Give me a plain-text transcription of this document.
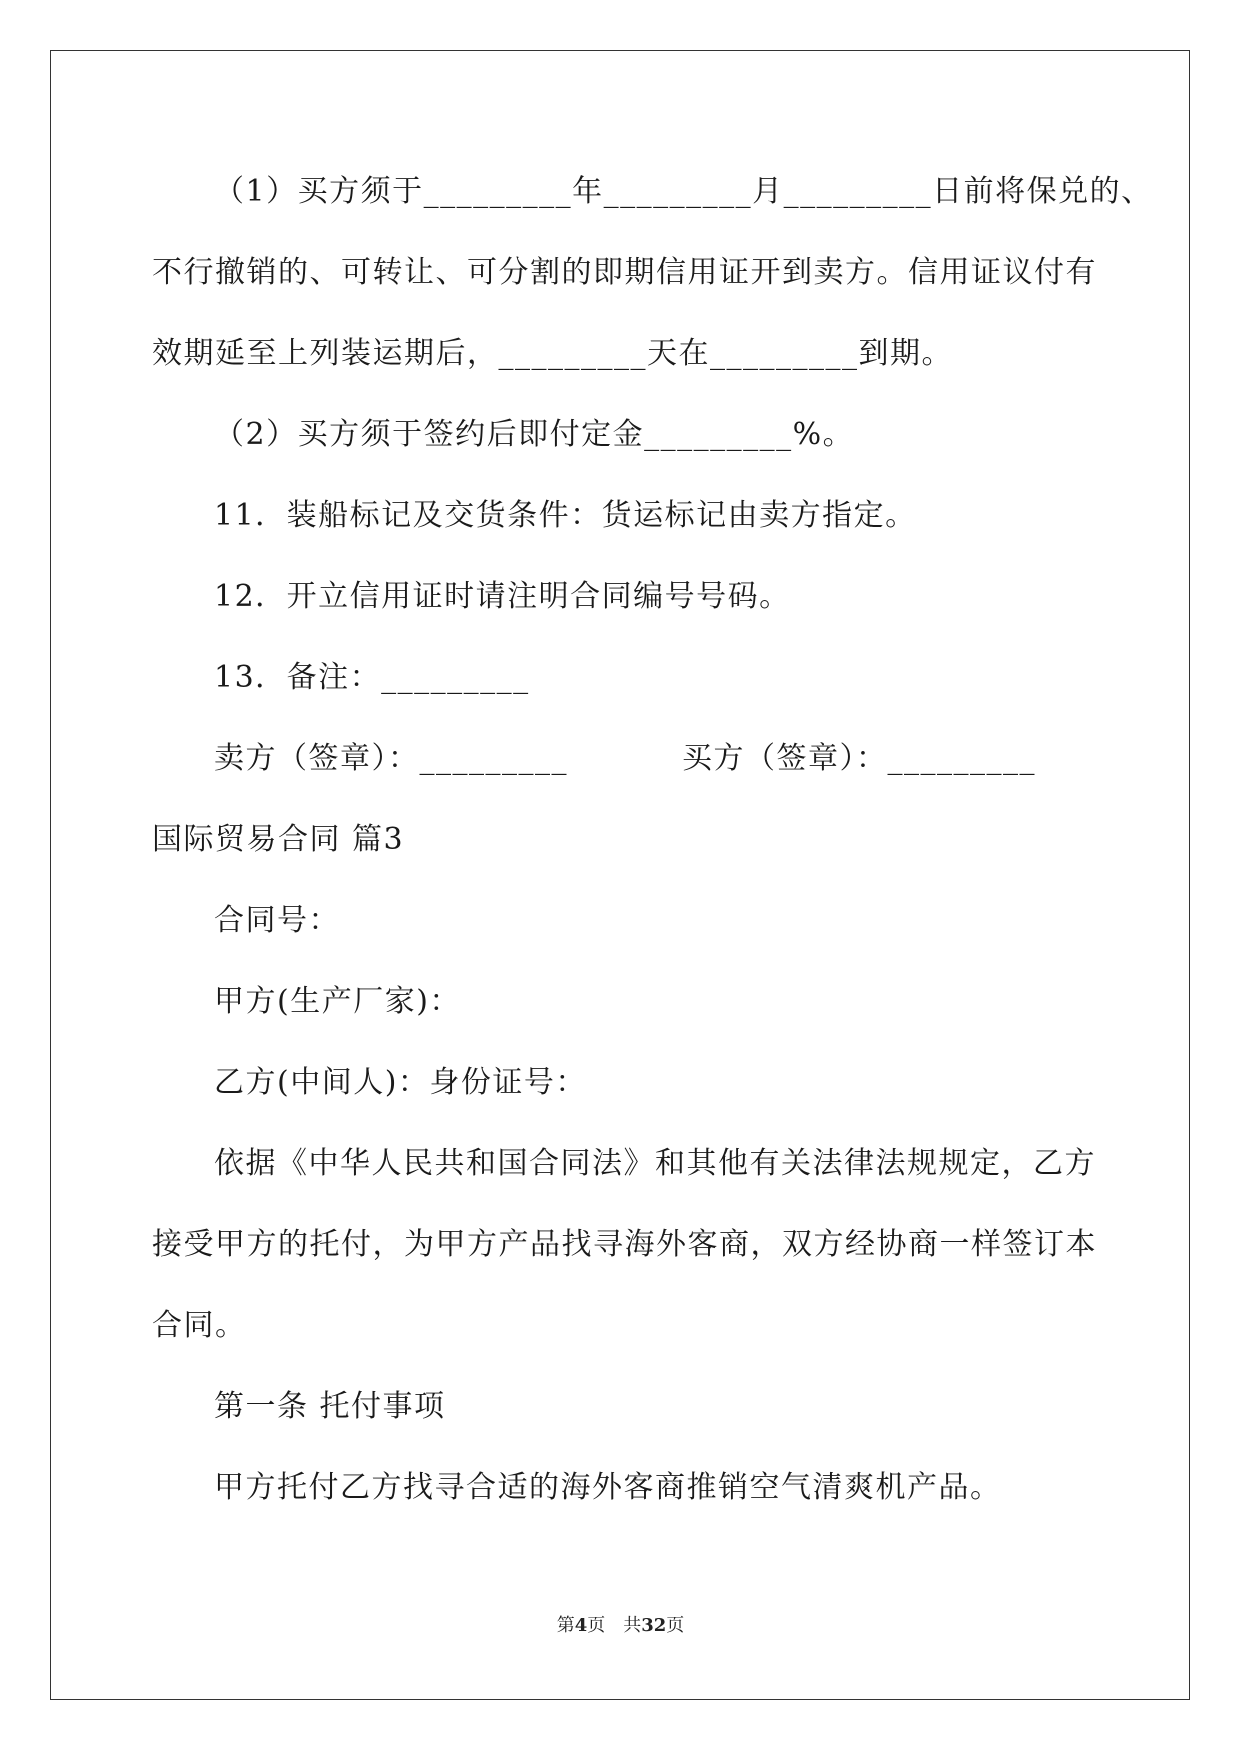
（1）买方须于_________年_________月_________日前将保兑的、
不行撤销的、可转让、可分割的即期信用证开到卖方。信用证议付有
效期延至上列装运期后，_________天在_________到期。
（2）买方须于签约后即付定金_________%。
11．装船标记及交货条件：货运标记由卖方指定。
12．开立信用证时请注明合同编号号码。
13．备注：_________
卖方（签章）：_________	买方（签章）：_________
国际贸易合同 篇3
合同号：
甲方(生产厂家)：
乙方(中间人)：身份证号：
依据《中华人民共和国合同法》和其他有关法律法规规定，乙方
接受甲方的托付，为甲方产品找寻海外客商，双方经协商一样签订本
合同。
第一条 托付事项
甲方托付乙方找寻合适的海外客商推销空气清爽机产品。
第4页　共32页
